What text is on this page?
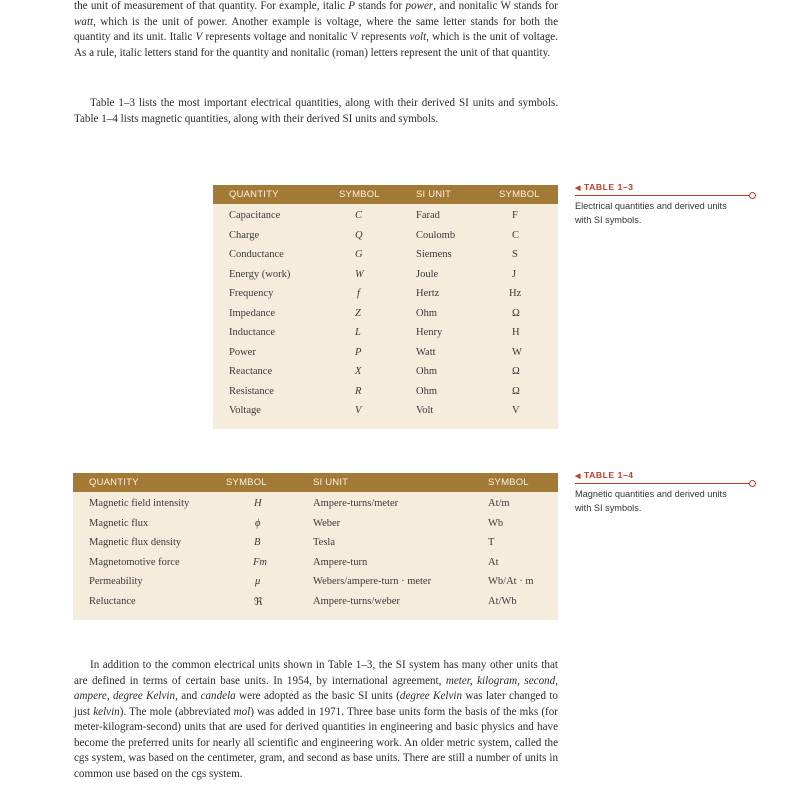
the unit of measurement of that quantity. For example, italic P stands for power, and nonitalic W stands for watt, which is the unit of power. Another example is voltage, where the same letter stands for both the quantity and its unit. Italic V represents voltage and nonitalic V represents volt, which is the unit of voltage. As a rule, italic letters stand for the quantity and nonitalic (roman) letters represent the unit of that quantity.

Table 1–3 lists the most important electrical quantities, along with their derived SI units and symbols. Table 1–4 lists magnetic quantities, along with their derived SI units and symbols.

QUANTITY	SYMBOL	SI UNIT	SYMBOL
Capacitance	C	Farad	F
Charge	Q	Coulomb	C
Conductance	G	Siemens	S
Energy (work)	W	Joule	J
Frequency	f	Hertz	Hz
Impedance	Z	Ohm	Ω
Inductance	L	Henry	H
Power	P	Watt	W
Reactance	X	Ohm	Ω
Resistance	R	Ohm	Ω
Voltage	V	Volt	V
◀ TABLE 1–3
Electrical quantities and derived units with SI symbols.
QUANTITY	SYMBOL	SI UNIT	SYMBOL
Magnetic field intensity	H	Ampere-turns/meter	At/m
Magnetic flux	ϕ	Weber	Wb
Magnetic flux density	B	Tesla	T
Magnetomotive force	Fm	Ampere-turn	At
Permeability	μ	Webers/ampere-turn · meter	Wb/At · m
Reluctance	ℜ	Ampere-turns/weber	At/Wb
◀ TABLE 1–4
Magnetic quantities and derived units with SI symbols.

In addition to the common electrical units shown in Table 1–3, the SI system has many other units that are defined in terms of certain base units. In 1954, by international agreement, meter, kilogram, second, ampere, degree Kelvin, and candela were adopted as the basic SI units (degree Kelvin was later changed to just kelvin). The mole (abbreviated mol) was added in 1971. Three base units form the basis of the mks (for meter-kilogram-second) units that are used for derived quantities in engineering and basic physics and have become the preferred units for nearly all scientific and engineering work. An older metric system, called the cgs system, was based on the centimeter, gram, and second as base units. There are still a number of units in common use based on the cgs system.
